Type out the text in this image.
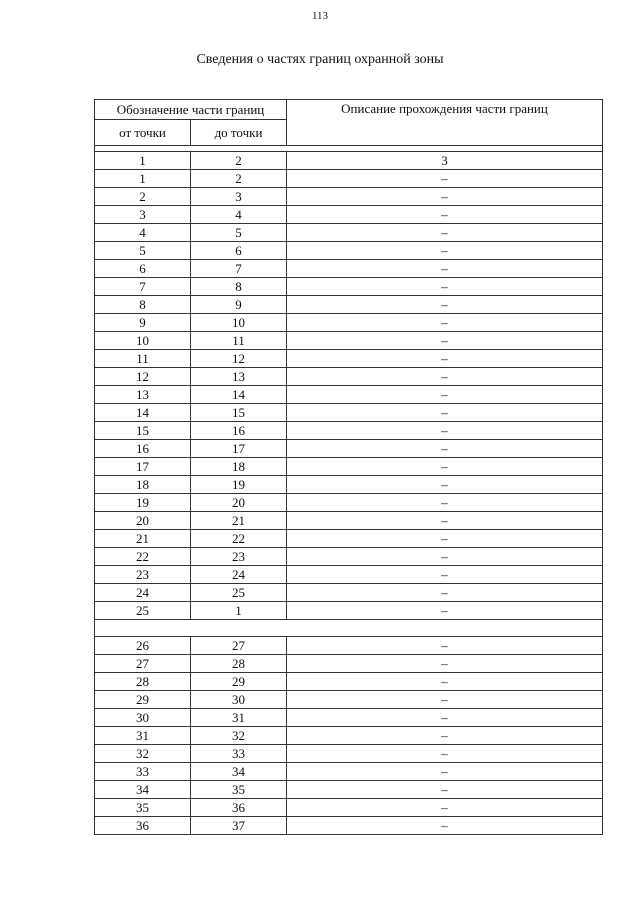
113
Сведения о частях границ охранной зоны
Обозначение части границ		Описание прохождения части границ
от точки	до точки	

1	2	3
1	2	–
2	3	–
3	4	–
4	5	–
5	6	–
6	7	–
7	8	–
8	9	–
9	10	–
10	11	–
11	12	–
12	13	–
13	14	–
14	15	–
15	16	–
16	17	–
17	18	–
18	19	–
19	20	–
20	21	–
21	22	–
22	23	–
23	24	–
24	25	–
25	1	–

26	27	–
27	28	–
28	29	–
29	30	–
30	31	–
31	32	–
32	33	–
33	34	–
34	35	–
35	36	–
36	37	–
